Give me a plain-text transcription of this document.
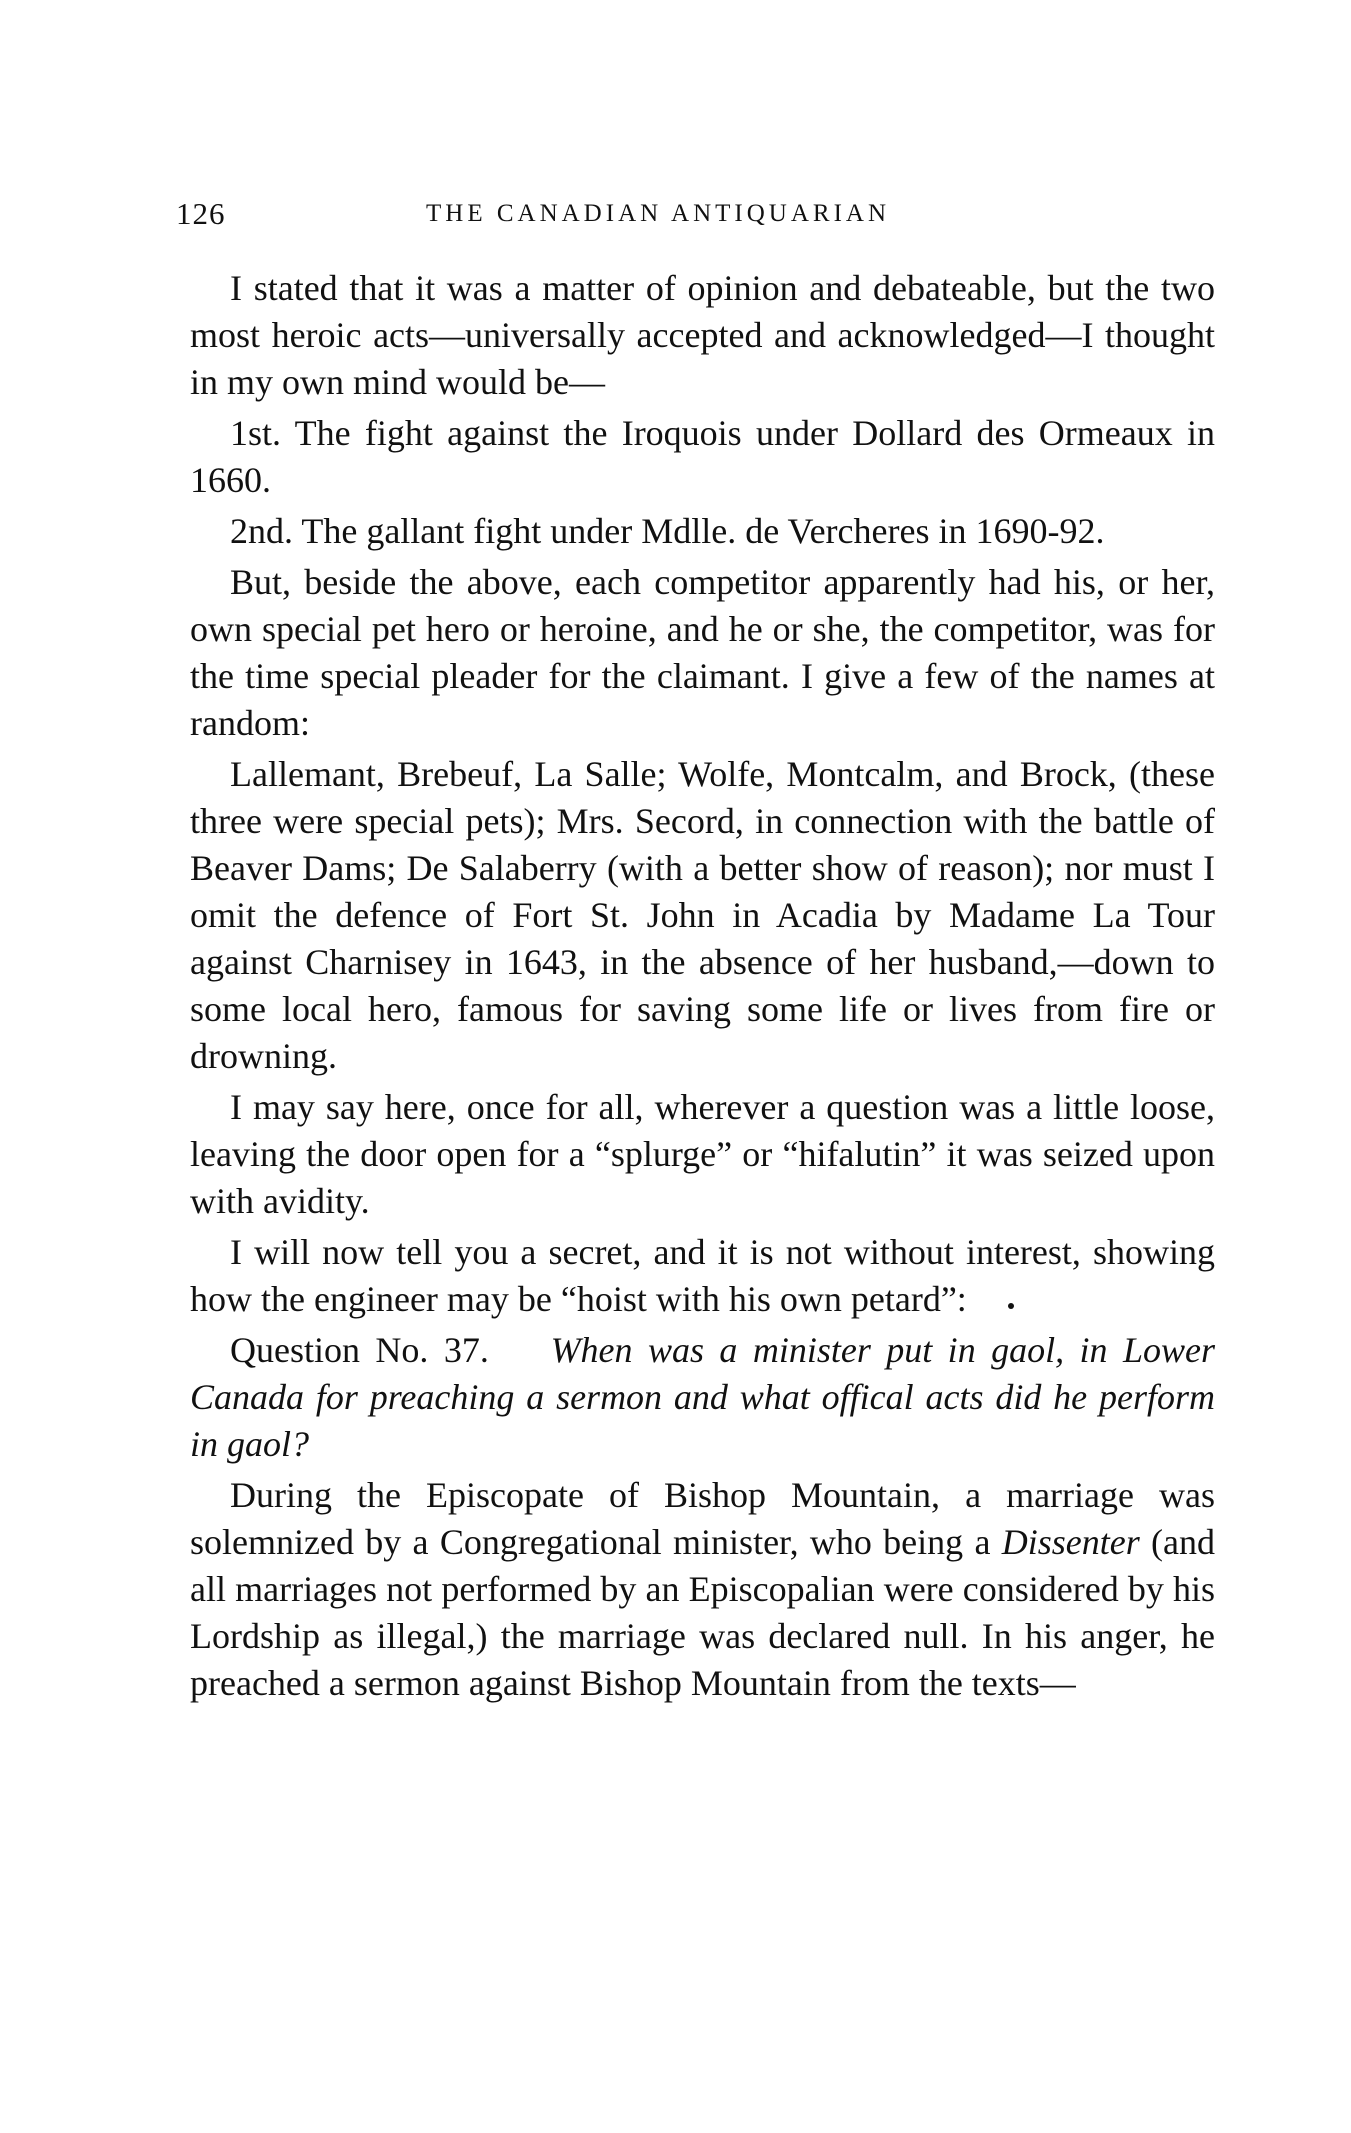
126	THE CANADIAN ANTIQUARIAN

I stated that it was a matter of opinion and debateable, but the two most heroic acts—universally accepted and acknowledged—I thought in my own mind would be—

1st. The fight against the Iroquois under Dollard des Ormeaux in 1660.

2nd. The gallant fight under Mdlle. de Vercheres in 1690-92.

But, beside the above, each competitor apparently had his, or her, own special pet hero or heroine, and he or she, the competitor, was for the time special pleader for the claimant. I give a few of the names at random:

Lallemant, Brebeuf, La Salle; Wolfe, Montcalm, and Brock, (these three were special pets); Mrs. Secord, in connection with the battle of Beaver Dams; De Salaberry (with a better show of reason); nor must I omit the defence of Fort St. John in Acadia by Madame La Tour against Charnisey in 1643, in the absence of her husband,—down to some local hero, famous for saving some life or lives from fire or drowning.

I may say here, once for all, wherever a question was a little loose, leaving the door open for a “splurge” or “hifalutin” it was seized upon with avidity.

I will now tell you a secret, and it is not without interest, showing how the engineer may be “hoist with his own petard”:

Question No. 37. When was a minister put in gaol, in Lower Canada for preaching a sermon and what offical acts did he perform in gaol?

During the Episcopate of Bishop Mountain, a marriage was solemnized by a Congregational minister, who being a Dissenter (and all marriages not performed by an Episcopalian were considered by his Lordship as illegal,) the marriage was declared null. In his anger, he preached a sermon against Bishop Mountain from the texts—
